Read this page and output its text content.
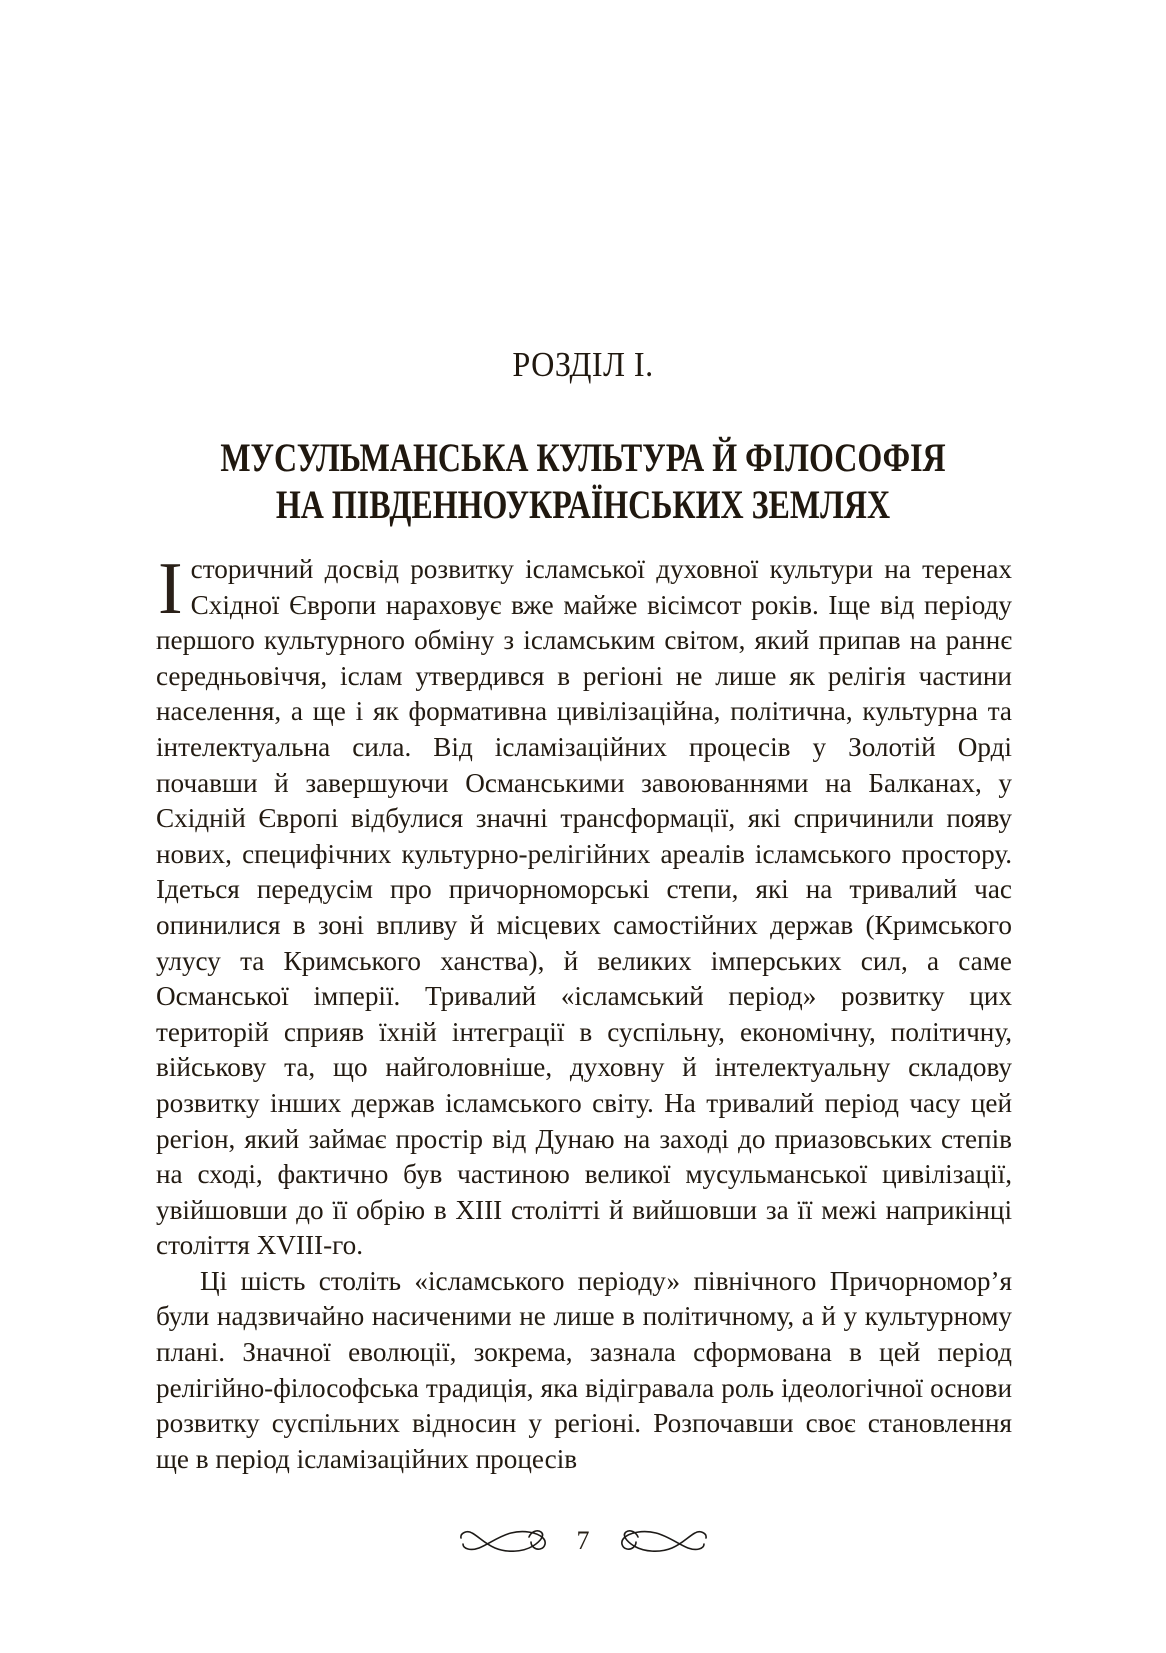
РОЗДІЛ I.
МУСУЛЬМАНСЬКА КУЛЬТУРА Й ФІЛОСОФІЯ
НА ПІВДЕННОУКРАЇНСЬКИХ ЗЕМЛЯХ

Історичний досвід розвитку ісламської духовної культури на теренах Східної Європи нараховує вже майже вісімсот років. Іще від періоду першого культурного обміну з ісламським світом, який припав на раннє середньовіччя, іслам утвердився в регіоні не лише як релігія частини населення, а ще і як формативна цивілізаційна, політична, культурна та інтелектуальна сила. Від ісламізаційних процесів у Золотій Орді почавши й завершуючи Османськими завоюваннями на Балканах, у Східній Європі відбулися значні трансформації, які спричинили появу нових, специфічних культурно-релігійних ареалів ісламського простору. Ідеться передусім про причорноморські степи, які на тривалий час опинилися в зоні впливу й місцевих самостійних держав (Кримського улусу та Кримського ханства), й великих імперських сил, а саме Османської імперії. Тривалий «ісламський період» розвитку цих територій сприяв їхній інтеграції в суспільну, економічну, політичну, військову та, що найголовніше, духовну й інтелектуальну складову розвитку інших держав ісламського світу. На тривалий період часу цей регіон, який займає простір від Дунаю на заході до приазовських степів на сході, фактично був частиною великої мусульманської цивілізації, увійшовши до її обрію в XIII столітті й вийшовши за її межі наприкінці століття XVIII-го.

Ці шість століть «ісламського періоду» північного Причорномор’я були надзвичайно насиченими не лише в політичному, а й у культурному плані. Значної еволюції, зокрема, зазнала сформована в цей період релігійно-філософська традиція, яка відігравала роль ідеологічної основи розвитку суспільних відносин у регіоні. Розпочавши своє становлення ще в період ісламізаційних процесів

7
